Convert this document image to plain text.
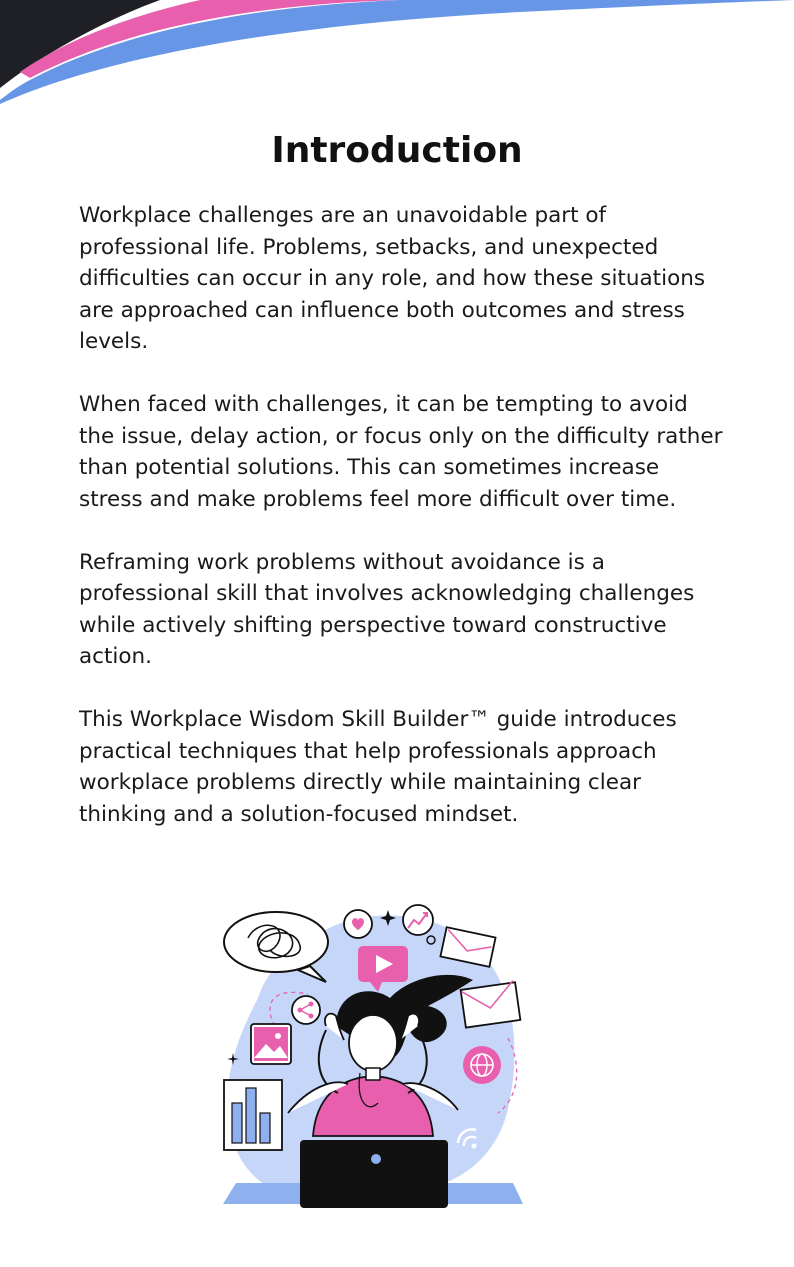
Introduction

Workplace challenges are an unavoidable part of professional life. Problems, setbacks, and unexpected difficulties can occur in any role, and how these situations are approached can influence both outcomes and stress levels.

When faced with challenges, it can be tempting to avoid the issue, delay action, or focus only on the difficulty rather than potential solutions. This can sometimes increase stress and make problems feel more difficult over time.

Reframing work problems without avoidance is a professional skill that involves acknowledging challenges while actively shifting perspective toward constructive action.

This Workplace Wisdom Skill Builder™ guide introduces practical techniques that help professionals approach workplace problems directly while maintaining clear thinking and a solution-focused mindset.
